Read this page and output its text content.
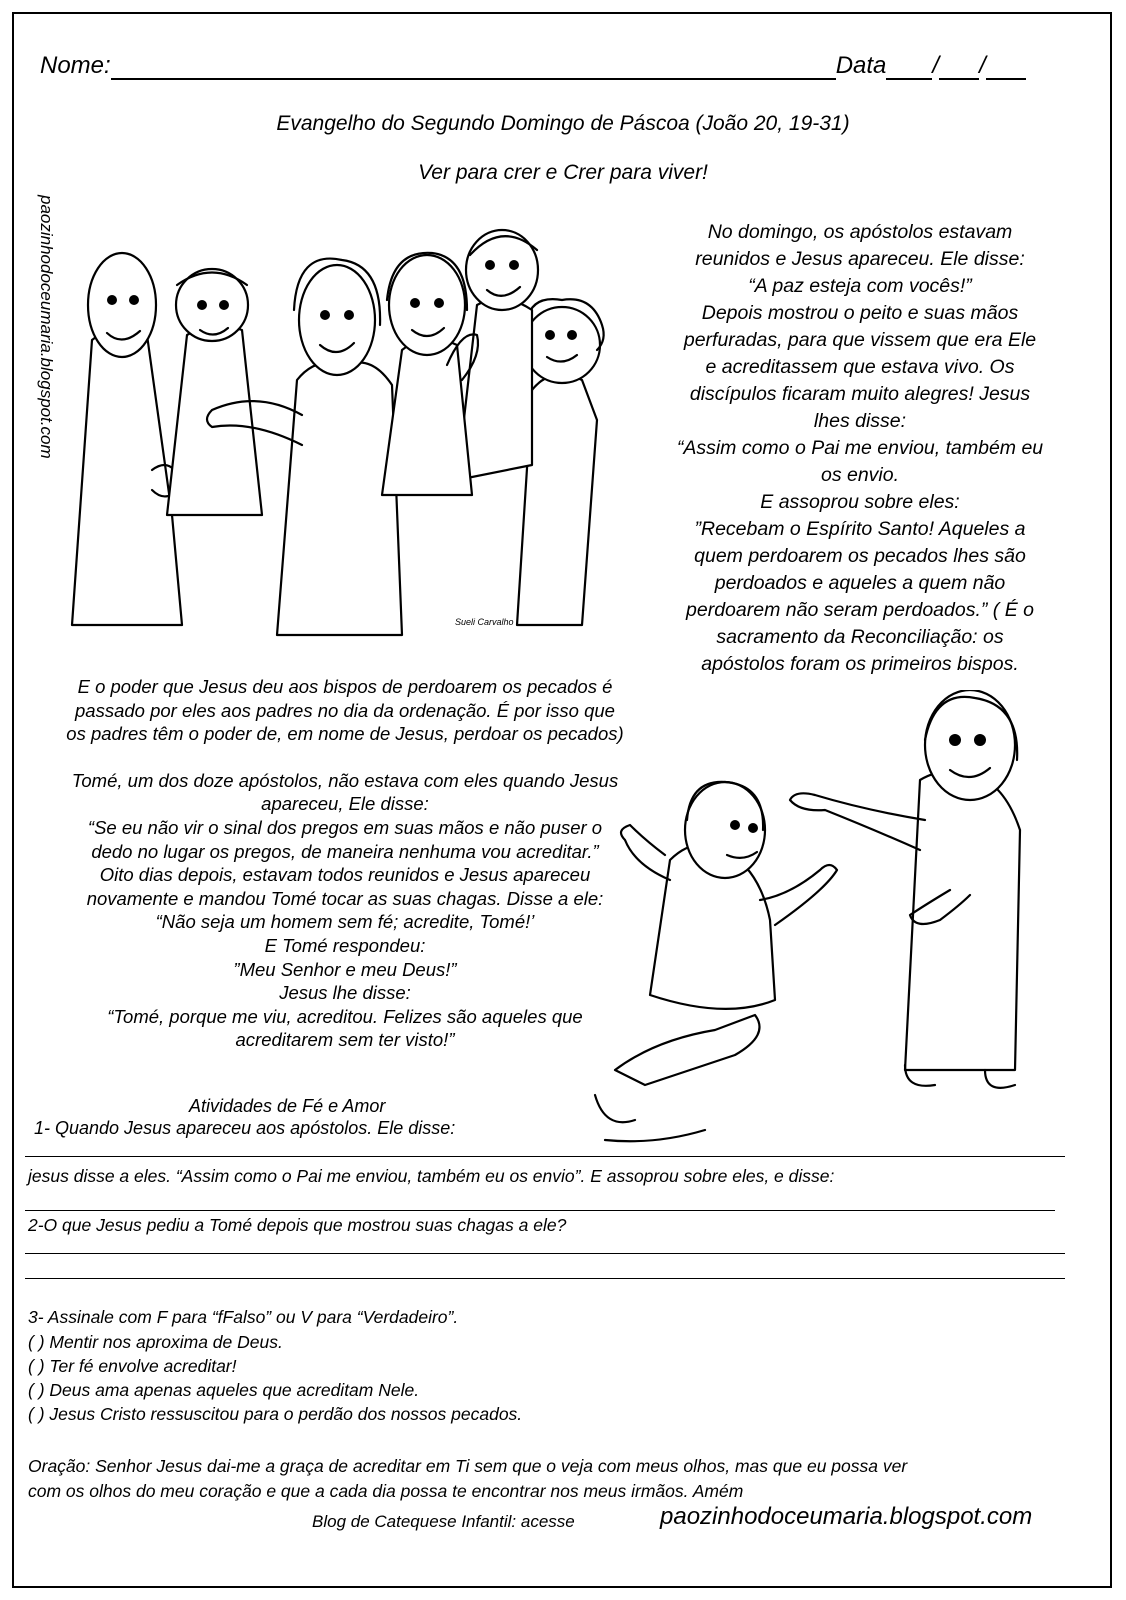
Nome:	Data / /
Evangelho do Segundo Domingo de Páscoa (João 20, 19-31)
Ver para crer e Crer para viver!
paozinhodoceumaria.blogspot.com
Sueli Carvalho
No domingo, os apóstolos estavam
reunidos e Jesus apareceu. Ele disse:
“A paz esteja com vocês!”
Depois mostrou o peito e suas mãos
perfuradas, para que vissem que era Ele
e acreditassem que estava vivo. Os
discípulos ficaram muito alegres! Jesus
lhes disse:
“Assim como o Pai me enviou, também eu
os envio.
E assoprou sobre eles:
”Recebam o Espírito Santo! Aqueles a
quem perdoarem os pecados lhes são
perdoados e aqueles a quem não
perdoarem não seram perdoados.” ( É o
sacramento da Reconciliação: os
apóstolos foram os primeiros bispos.
E o poder que Jesus deu aos bispos de perdoarem os pecados é
passado por eles aos padres no dia da ordenação. É por isso que
os padres têm o poder de, em nome de Jesus, perdoar os pecados)
Tomé, um dos doze apóstolos, não estava com eles quando Jesus
apareceu, Ele disse:
“Se eu não vir o sinal dos pregos em suas mãos e não puser o
dedo no lugar os pregos, de maneira nenhuma vou acreditar.”
Oito dias depois, estavam todos reunidos e Jesus apareceu
novamente e mandou Tomé tocar as suas chagas. Disse a ele:
“Não seja um homem sem fé; acredite, Tomé!’
E Tomé respondeu:
”Meu Senhor e meu Deus!”
Jesus lhe disse:
“Tomé, porque me viu, acreditou. Felizes são aqueles que
acreditarem sem ter visto!”
Atividades de Fé e Amor
1- Quando Jesus apareceu aos apóstolos. Ele disse:
jesus disse a eles. “Assim como o Pai me enviou, também eu os envio”. E assoprou sobre eles, e disse:
2-O que Jesus pediu a Tomé depois que mostrou suas chagas a ele?
3- Assinale com F para “fFalso” ou V para “Verdadeiro”.
( ) Mentir nos aproxima de Deus.
( ) Ter fé envolve acreditar!
( ) Deus ama apenas aqueles que acreditam Nele.
( ) Jesus Cristo ressuscitou para o perdão dos nossos pecados.
Oração: Senhor Jesus dai-me a graça de acreditar em Ti sem que o veja com meus olhos, mas que eu possa ver
com os olhos do meu coração e que a cada dia possa te encontrar nos meus irmãos. Amém
Blog de Catequese Infantil: acesse	paozinhodoceumaria.blogspot.com
